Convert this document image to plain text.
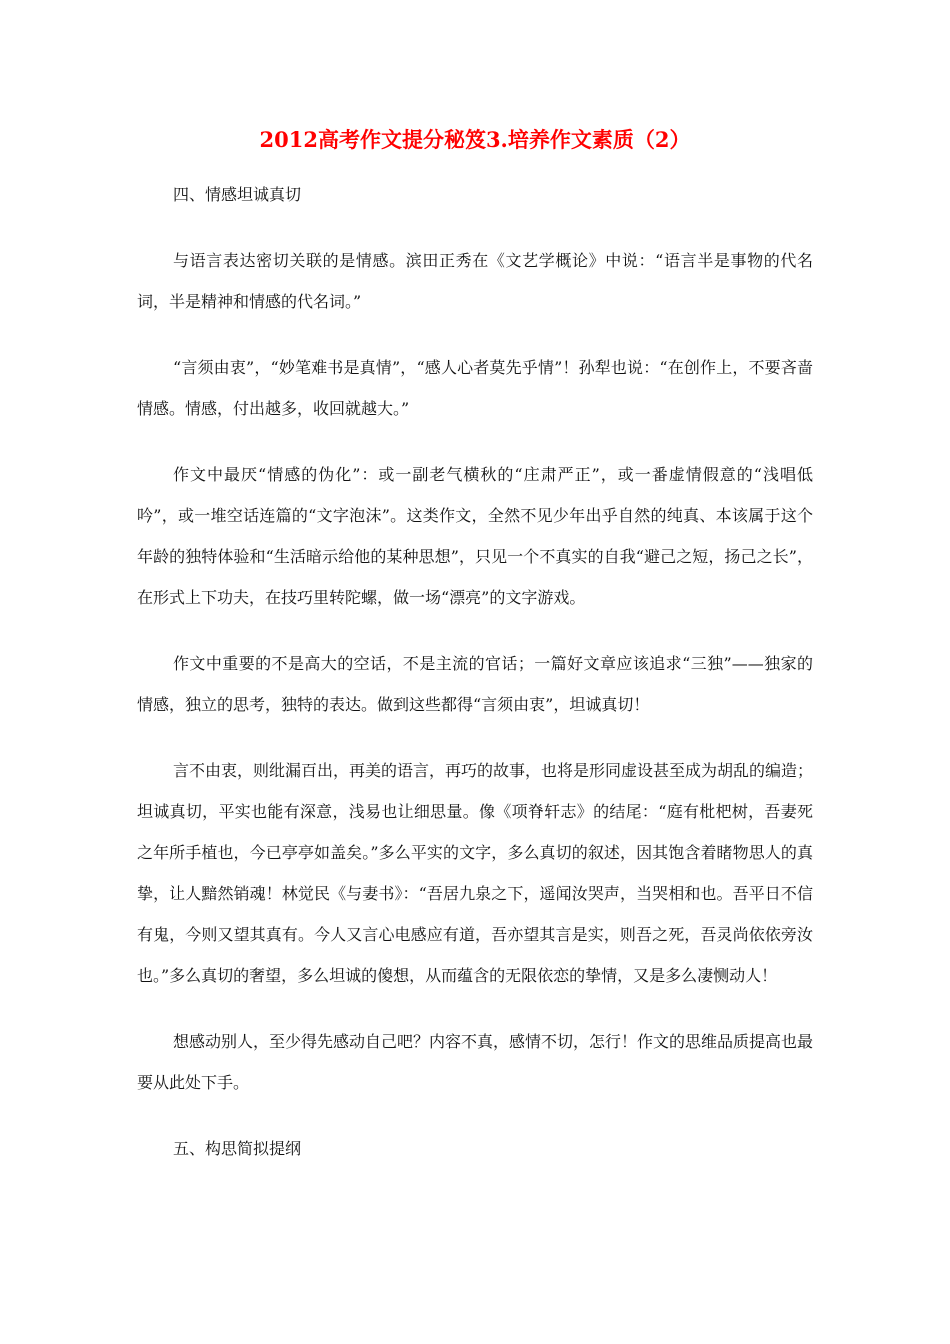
2012高考作文提分秘笈3.培养作文素质（2）

四、情感坦诚真切

与语言表达密切关联的是情感。滨田正秀在《文艺学概论》中说：“语言半是事物的代名词，半是精神和情感的代名词。”

“言须由衷”，“妙笔难书是真情”，“感人心者莫先乎情”！孙犁也说：“在创作上，不要吝啬情感。情感，付出越多，收回就越大。”

作文中最厌“情感的伪化”：或一副老气横秋的“庄肃严正”，或一番虚情假意的“浅唱低吟”，或一堆空话连篇的“文字泡沫”。这类作文，全然不见少年出乎自然的纯真、本该属于这个年龄的独特体验和“生活暗示给他的某种思想”，只见一个不真实的自我“避己之短，扬己之长”，在形式上下功夫，在技巧里转陀螺，做一场“漂亮”的文字游戏。

作文中重要的不是高大的空话，不是主流的官话；一篇好文章应该追求“三独”——独家的情感，独立的思考，独特的表达。做到这些都得“言须由衷”，坦诚真切！

言不由衷，则纰漏百出，再美的语言，再巧的故事，也将是形同虚设甚至成为胡乱的编造；坦诚真切，平实也能有深意，浅易也让细思量。像《项脊轩志》的结尾：“庭有枇杷树，吾妻死之年所手植也，今已亭亭如盖矣。”多么平实的文字，多么真切的叙述，因其饱含着睹物思人的真挚，让人黯然销魂！林觉民《与妻书》：“吾居九泉之下，遥闻汝哭声，当哭相和也。吾平日不信有鬼，今则又望其真有。今人又言心电感应有道，吾亦望其言是实，则吾之死，吾灵尚依依旁汝也。”多么真切的奢望，多么坦诚的傻想，从而蕴含的无限依恋的挚情，又是多么凄恻动人！

想感动别人，至少得先感动自己吧？内容不真，感情不切，怎行！作文的思维品质提高也最要从此处下手。

五、构思简拟提纲
